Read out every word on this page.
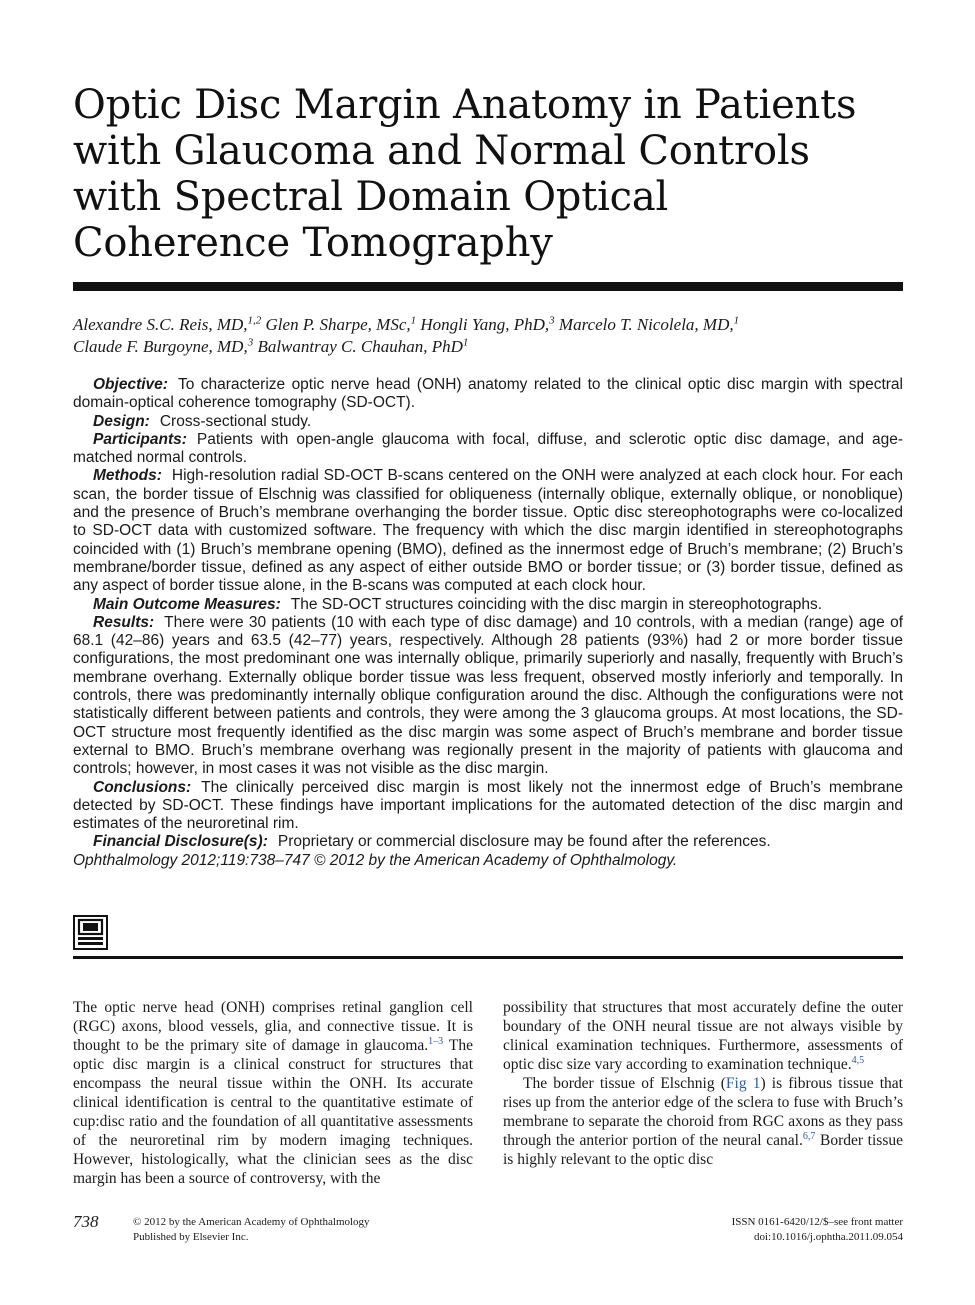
Optic Disc Margin Anatomy in Patients with Glaucoma and Normal Controls with Spectral Domain Optical Coherence Tomography
Alexandre S.C. Reis, MD,$^{1,2}$ Glen P. Sharpe, MSc,$^1$ Hongli Yang, PhD,$^3$ Marcelo T. Nicolela, MD,$^1$
Claude F. Burgoyne, MD,$^3$ Balwantray C. Chauhan, PhD$^1$

Objective: To characterize optic nerve head (ONH) anatomy related to the clinical optic disc margin with spectral domain-optical coherence tomography (SD-OCT).

Design: Cross-sectional study.

Participants: Patients with open-angle glaucoma with focal, diffuse, and sclerotic optic disc damage, and age-matched normal controls.

Methods: High-resolution radial SD-OCT B-scans centered on the ONH were analyzed at each clock hour. For each scan, the border tissue of Elschnig was classified for obliqueness (internally oblique, externally oblique, or nonoblique) and the presence of Bruch’s membrane overhanging the border tissue. Optic disc stereophotographs were co-localized to SD-OCT data with customized software. The frequency with which the disc margin identified in stereophotographs coincided with (1) Bruch’s membrane opening (BMO), defined as the innermost edge of Bruch’s membrane; (2) Bruch’s membrane/border tissue, defined as any aspect of either outside BMO or border tissue; or (3) border tissue, defined as any aspect of border tissue alone, in the B-scans was computed at each clock hour.

Main Outcome Measures: The SD-OCT structures coinciding with the disc margin in stereophotographs.

Results: There were 30 patients (10 with each type of disc damage) and 10 controls, with a median (range) age of 68.1 (42–86) years and 63.5 (42–77) years, respectively. Although 28 patients (93%) had 2 or more border tissue configurations, the most predominant one was internally oblique, primarily superiorly and nasally, frequently with Bruch’s membrane overhang. Externally oblique border tissue was less frequent, observed mostly inferiorly and temporally. In controls, there was predominantly internally oblique configuration around the disc. Although the configurations were not statistically different between patients and controls, they were among the 3 glaucoma groups. At most locations, the SD-OCT structure most frequently identified as the disc margin was some aspect of Bruch’s membrane and border tissue external to BMO. Bruch’s membrane overhang was regionally present in the majority of patients with glaucoma and controls; however, in most cases it was not visible as the disc margin.

Conclusions: The clinically perceived disc margin is most likely not the innermost edge of Bruch’s membrane detected by SD-OCT. These findings have important implications for the automated detection of the disc margin and estimates of the neuroretinal rim.

Financial Disclosure(s): Proprietary or commercial disclosure may be found after the references.

Ophthalmology 2012;119:738–747 © 2012 by the American Academy of Ophthalmology.

The optic nerve head (ONH) comprises retinal ganglion cell (RGC) axons, blood vessels, glia, and connective tissue. It is thought to be the primary site of damage in glaucoma.$^{1-3}$ The optic disc margin is a clinical construct for structures that encompass the neural tissue within the ONH. Its accurate clinical identification is central to the quantitative estimate of cup:disc ratio and the foundation of all quantitative assessments of the neuroretinal rim by modern imaging techniques. However, histologically, what the clinician sees as the disc margin has been a source of controversy, with the

possibility that structures that most accurately define the outer boundary of the ONH neural tissue are not always visible by clinical examination techniques. Furthermore, assessments of optic disc size vary according to examination technique.$^{4,5}$

The border tissue of Elschnig (Fig 1) is fibrous tissue that rises up from the anterior edge of the sclera to fuse with Bruch’s membrane to separate the choroid from RGC axons as they pass through the anterior portion of the neural canal.$^{6,7}$ Border tissue is highly relevant to the optic disc

738	© 2012 by the American Academy of Ophthalmology
Published by Elsevier Inc.
ISSN 0161-6420/12/$–see front matter
doi:10.1016/j.ophtha.2011.09.054
